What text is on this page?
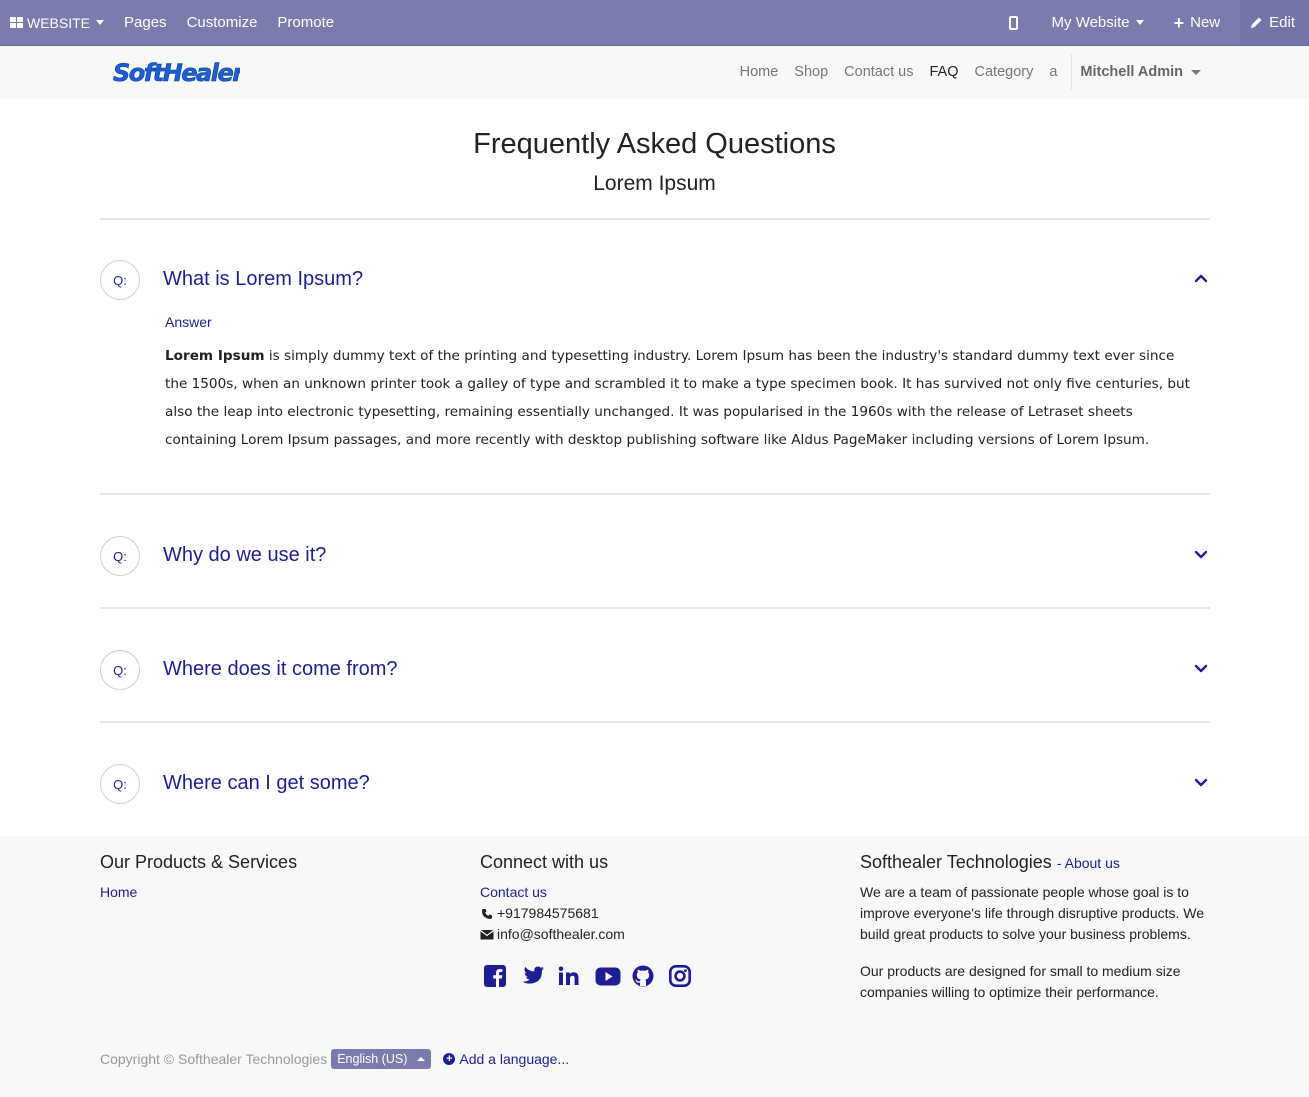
WEBSITE	Pages	Customize	Promote	My Website + New	Edit
SoftHealer	Home	Shop	Contact us	FAQ	Category	a	Mitchell Admin
Frequently Asked Questions
Lorem Ipsum
Q:	What is Lorem Ipsum?
Answer
Lorem Ipsum is simply dummy text of the printing and typesetting industry. Lorem Ipsum has been the industry's standard dummy text ever since the 1500s, when an unknown printer took a galley of type and scrambled it to make a type specimen book. It has survived not only five centuries, but also the leap into electronic typesetting, remaining essentially unchanged. It was popularised in the 1960s with the release of Letraset sheets containing Lorem Ipsum passages, and more recently with desktop publishing software like Aldus PageMaker including versions of Lorem Ipsum.
Q:	Why do we use it?
Q:	Where does it come from?
Q:	Where can I get some?
Our Products & Services
Home
Connect with us
Contact us
+917984575681
info@softhealer.com
Softhealer Technologies - About us

We are a team of passionate people whose goal is to improve everyone's life through disruptive products. We build great products to solve your business problems.

Our products are designed for small to medium size companies willing to optimize their performance.

Copyright © Softhealer Technologies English (US)	+ Add a language...
